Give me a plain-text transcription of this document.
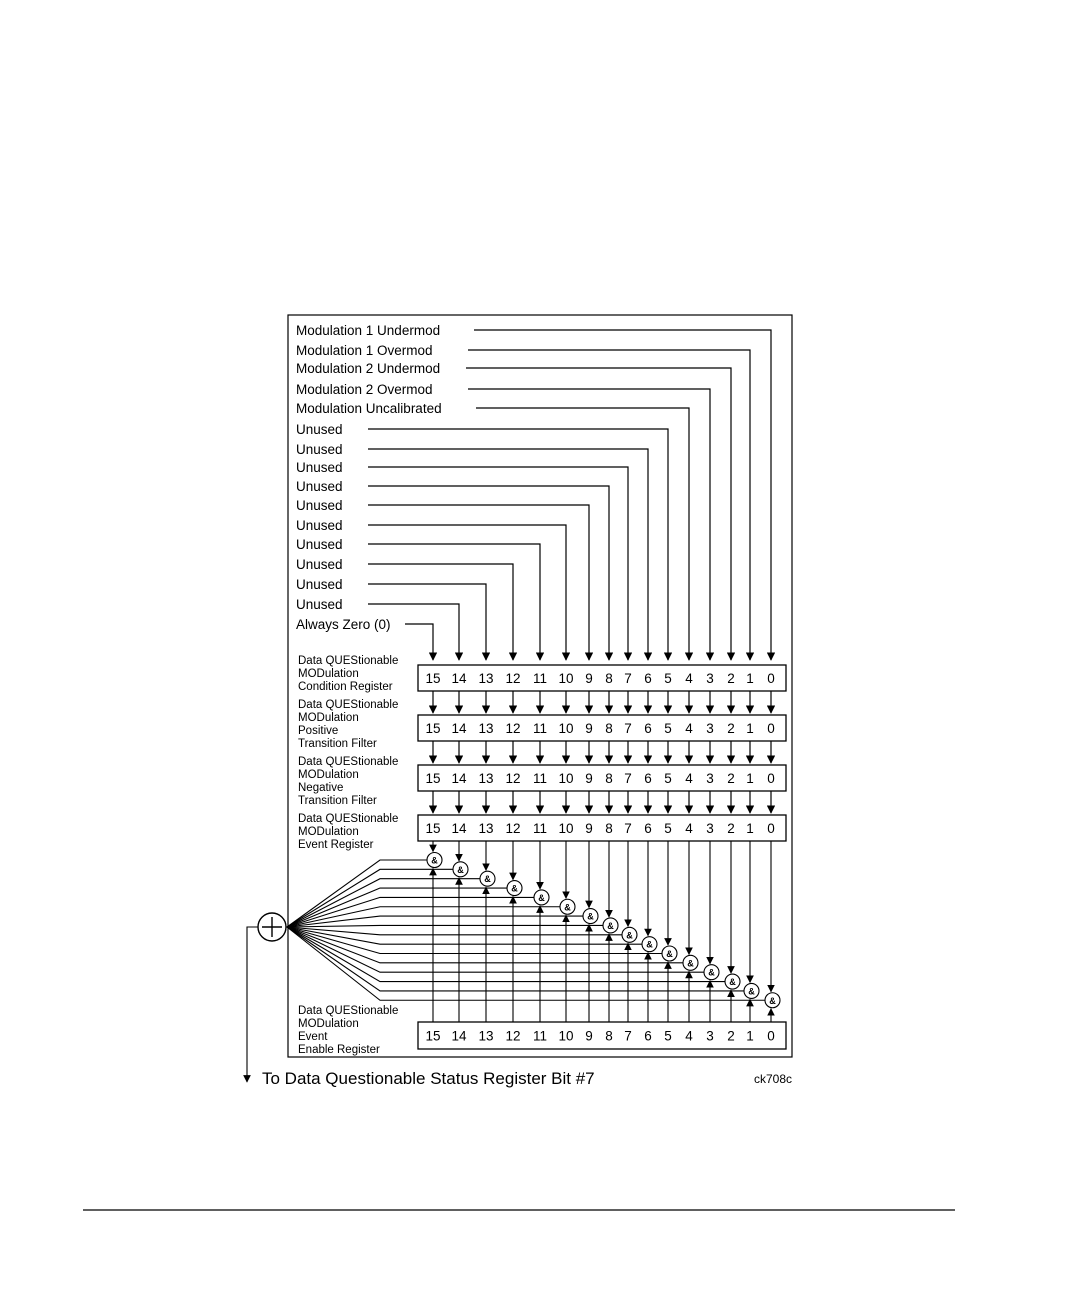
Modulation 1 Undermod
Modulation 1 Overmod
Modulation 2 Undermod
Modulation 2 Overmod
Modulation Uncalibrated
Unused
Unused
Unused
Unused
Unused
Unused
Unused
Unused
Unused
Unused
Always Zero (0)
15 14 13 12 11 10 9 8 7 6 5 4 3 2 1 0
Data QUEStionable
MODulation
Condition Register
15 14 13 12 11 10 9 8 7 6 5 4 3 2 1 0
Data QUEStionable
MODulation
Positive
Transition Filter
15 14 13 12 11 10 9 8 7 6 5 4 3 2 1 0
Data QUEStionable
MODulation
Negative
Transition Filter
15 14 13 12 11 10 9 8 7 6 5 4 3 2 1 0
Data QUEStionable
MODulation
Event Register
15 14 13 12 11 10 9 8 7 6 5 4 3 2 1 0
Data QUEStionable
MODulation
Event
Enable Register
&
&
&
&
&
&
&
&
&
&
&
&
&
&
&
&
To Data Questionable Status Register Bit #7	ck708c
